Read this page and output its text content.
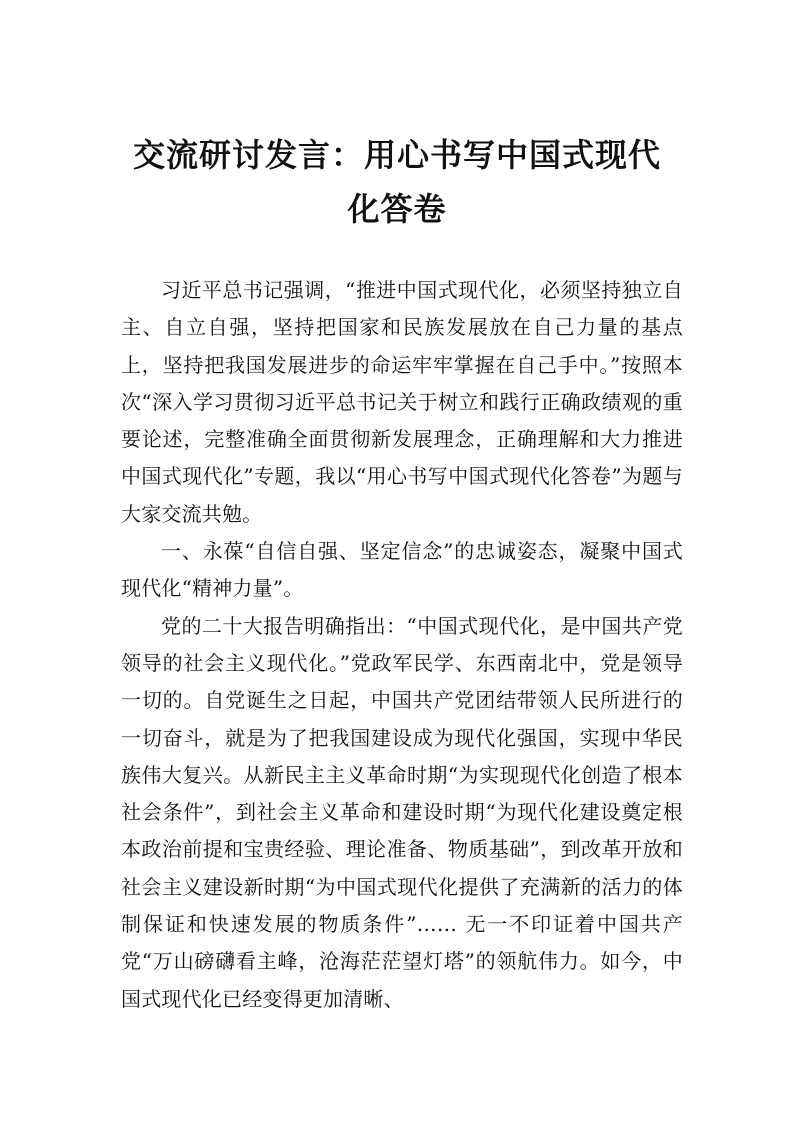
交流研讨发言：用心书写中国式现代化答卷

习近平总书记强调，“推进中国式现代化，必须坚持独立自主、自立自强，坚持把国家和民族发展放在自己力量的基点上，坚持把我国发展进步的命运牢牢掌握在自己手中。”按照本次“深入学习贯彻习近平总书记关于树立和践行正确政绩观的重要论述，完整准确全面贯彻新发展理念，正确理解和大力推进中国式现代化”专题，我以“用心书写中国式现代化答卷”为题与大家交流共勉。

一、永葆“自信自强、坚定信念”的忠诚姿态，凝聚中国式现代化“精神力量”。

党的二十大报告明确指出：“中国式现代化，是中国共产党领导的社会主义现代化。”党政军民学、东西南北中，党是领导一切的。自党诞生之日起，中国共产党团结带领人民所进行的一切奋斗，就是为了把我国建设成为现代化强国，实现中华民族伟大复兴。从新民主主义革命时期“为实现现代化创造了根本社会条件”，到社会主义革命和建设时期“为现代化建设奠定根本政治前提和宝贵经验、理论准备、物质基础”，到改革开放和社会主义建设新时期“为中国式现代化提供了充满新的活力的体制保证和快速发展的物质条件”…… 无一不印证着中国共产党“万山磅礴看主峰，沧海茫茫望灯塔”的领航伟力。如今，中国式现代化已经变得更加清晰、
